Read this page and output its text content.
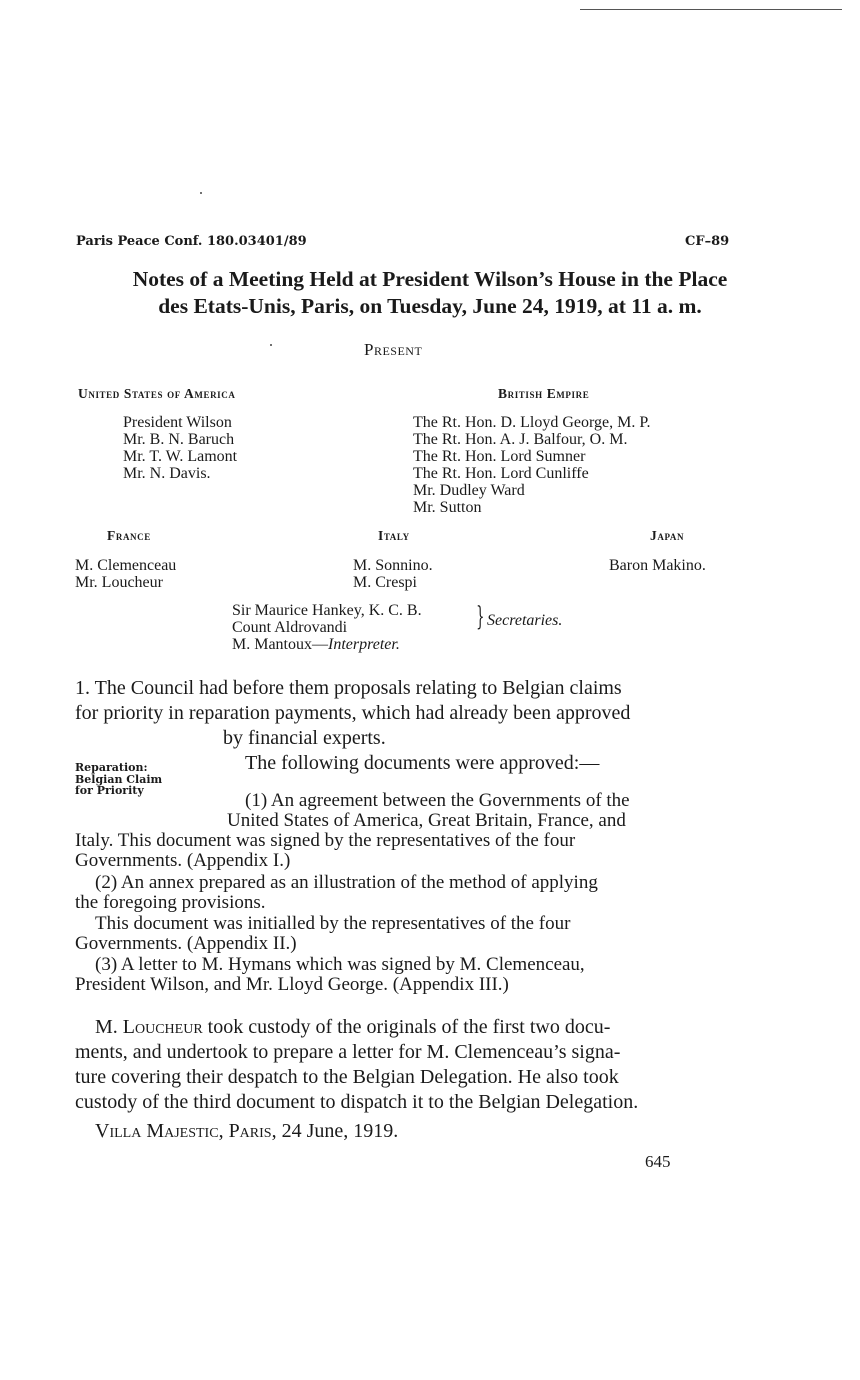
Paris Peace Conf. 180.03401/89	CF–89
Notes of a Meeting Held at President Wilson’s House in the Place
des Etats-Unis, Paris, on Tuesday, June 24, 1919, at 11 a. m.
Present
United States of America
President Wilson
Mr. B. N. Baruch
Mr. T. W. Lamont
Mr. N. Davis.
British Empire
The Rt. Hon. D. Lloyd George, M. P.
The Rt. Hon. A. J. Balfour, O. M.
The Rt. Hon. Lord Sumner
The Rt. Hon. Lord Cunliffe
Mr. Dudley Ward
Mr. Sutton
France
M. Clemenceau
Mr. Loucheur
Italy
M. Sonnino.
M. Crespi
Japan
Baron Makino.
Sir Maurice Hankey, K. C. B.
Count Aldrovandi
M. Mantoux—Interpreter.
} Secretaries.
Reparation:
Belgian Claim
for Priority
1. The Council had before them proposals relating to Belgian claims
for priority in reparation payments, which had already been approved
by financial experts.
The following documents were approved:—
(1) An agreement between the Governments of the
United States of America, Great Britain, France, and
Italy. This document was signed by the representatives of the four
Governments. (Appendix I.)
(2) An annex prepared as an illustration of the method of applying
the foregoing provisions.
This document was initialled by the representatives of the four
Governments. (Appendix II.)
(3) A letter to M. Hymans which was signed by M. Clemenceau,
President Wilson, and Mr. Lloyd George. (Appendix III.)
M. Loucheur took custody of the originals of the first two docu-
ments, and undertook to prepare a letter for M. Clemenceau’s signa-
ture covering their despatch to the Belgian Delegation. He also took
custody of the third document to dispatch it to the Belgian Delegation.
Villa Majestic, Paris, 24 June, 1919.
645
